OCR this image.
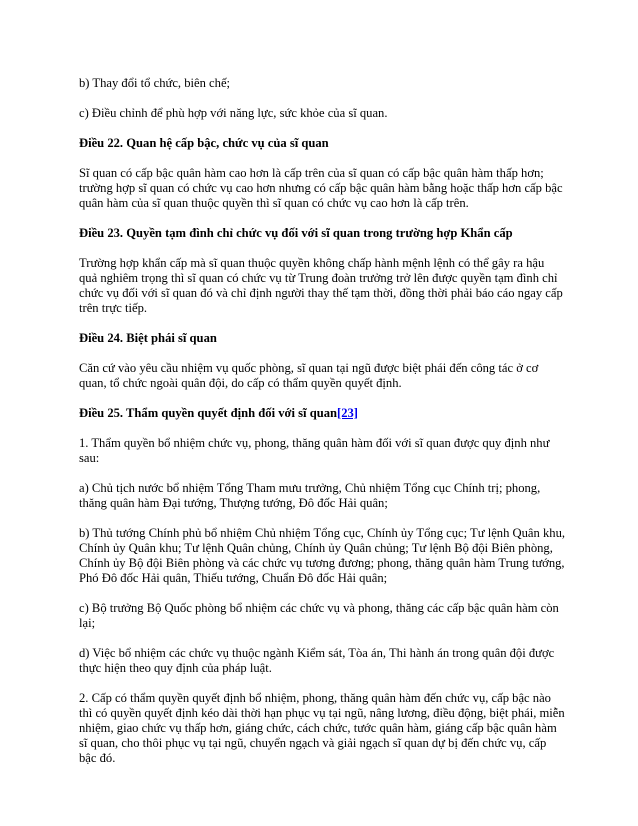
b) Thay đổi tổ chức, biên chế;

c) Điều chỉnh để phù hợp với năng lực, sức khỏe của sĩ quan.

Điều 22. Quan hệ cấp bậc, chức vụ của sĩ quan

Sĩ quan có cấp bậc quân hàm cao hơn là cấp trên của sĩ quan có cấp bậc quân hàm thấp hơn; trường hợp sĩ quan có chức vụ cao hơn nhưng có cấp bậc quân hàm bằng hoặc thấp hơn cấp bậc quân hàm của sĩ quan thuộc quyền thì sĩ quan có chức vụ cao hơn là cấp trên.

Điều 23. Quyền tạm đình chỉ chức vụ đối với sĩ quan trong trường hợp Khẩn cấp

Trường hợp khẩn cấp mà sĩ quan thuộc quyền không chấp hành mệnh lệnh có thể gây ra hậu quả nghiêm trọng thì sĩ quan có chức vụ từ Trung đoàn trưởng trở lên được quyền tạm đình chỉ chức vụ đối với sĩ quan đó và chỉ định người thay thế tạm thời, đồng thời phải báo cáo ngay cấp trên trực tiếp.

Điều 24. Biệt phái sĩ quan

Căn cứ vào yêu cầu nhiệm vụ quốc phòng, sĩ quan tại ngũ được biệt phái đến công tác ở cơ quan, tổ chức ngoài quân đội, do cấp có thẩm quyền quyết định.

Điều 25. Thẩm quyền quyết định đối với sĩ quan[23]

1. Thẩm quyền bổ nhiệm chức vụ, phong, thăng quân hàm đối với sĩ quan được quy định như sau:

a) Chủ tịch nước bổ nhiệm Tổng Tham mưu trưởng, Chủ nhiệm Tổng cục Chính trị; phong, thăng quân hàm Đại tướng, Thượng tướng, Đô đốc Hải quân;

b) Thủ tướng Chính phủ bổ nhiệm Chủ nhiệm Tổng cục, Chính ủy Tổng cục; Tư lệnh Quân khu, Chính ủy Quân khu; Tư lệnh Quân chủng, Chính ủy Quân chủng; Tư lệnh Bộ đội Biên phòng, Chính ủy Bộ đội Biên phòng và các chức vụ tương đương; phong, thăng quân hàm Trung tướng, Phó Đô đốc Hải quân, Thiếu tướng, Chuẩn Đô đốc Hải quân;

c) Bộ trưởng Bộ Quốc phòng bổ nhiệm các chức vụ và phong, thăng các cấp bậc quân hàm còn lại;

d) Việc bổ nhiệm các chức vụ thuộc ngành Kiểm sát, Tòa án, Thi hành án trong quân đội được thực hiện theo quy định của pháp luật.

2. Cấp có thẩm quyền quyết định bổ nhiệm, phong, thăng quân hàm đến chức vụ, cấp bậc nào thì có quyền quyết định kéo dài thời hạn phục vụ tại ngũ, nâng lương, điều động, biệt phái, miễn nhiệm, giao chức vụ thấp hơn, giáng chức, cách chức, tước quân hàm, giáng cấp bậc quân hàm sĩ quan, cho thôi phục vụ tại ngũ, chuyển ngạch và giải ngạch sĩ quan dự bị đến chức vụ, cấp bậc đó.
